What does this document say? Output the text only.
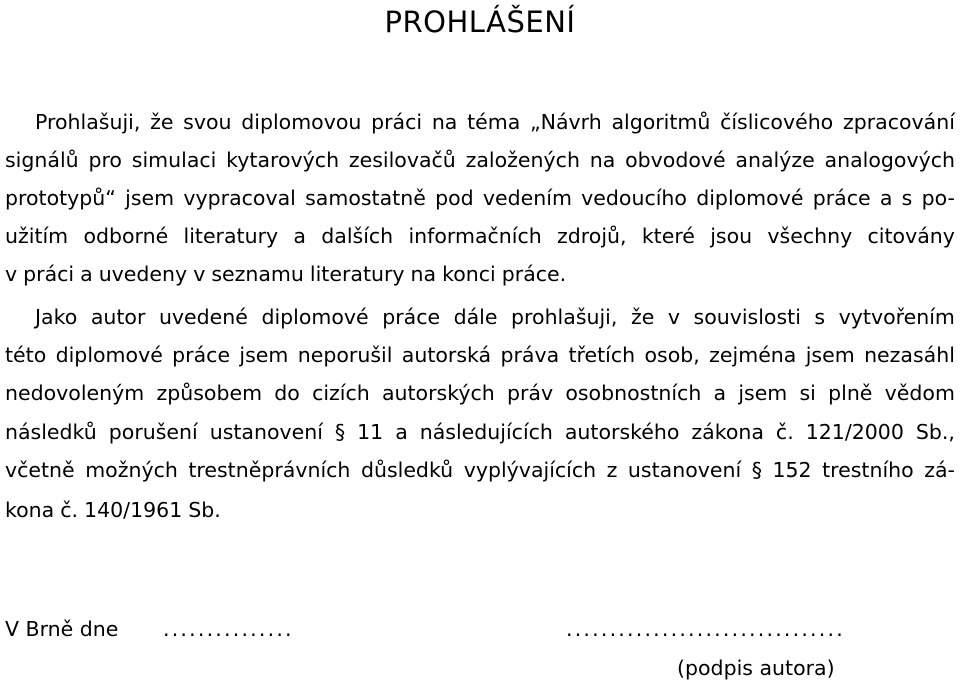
PROHLÁŠENÍ
Prohlašuji, že svou diplomovou práci na téma „Návrh algoritmů číslicového zpracování
signálů pro simulaci kytarových zesilovačů založených na obvodové analýze analogových
prototypů“ jsem vypracoval samostatně pod vedením vedoucího diplomové práce a s po-
užitím odborné literatury a dalších informačních zdrojů, které jsou všechny citovány
v práci a uvedeny v seznamu literatury na konci práce.
Jako autor uvedené diplomové práce dále prohlašuji, že v souvislosti s vytvořením
této diplomové práce jsem neporušil autorská práva třetích osob, zejména jsem nezasáhl
nedovoleným způsobem do cizích autorských práv osobnostních a jsem si plně vědom
následků porušení ustanovení § 11 a následujících autorského zákona č. 121/2000 Sb.,
včetně možných trestněprávních důsledků vyplývajících z ustanovení § 152 trestního zá-
kona č. 140/1961 Sb.
V Brně dne ...............	................................
(podpis autora)
